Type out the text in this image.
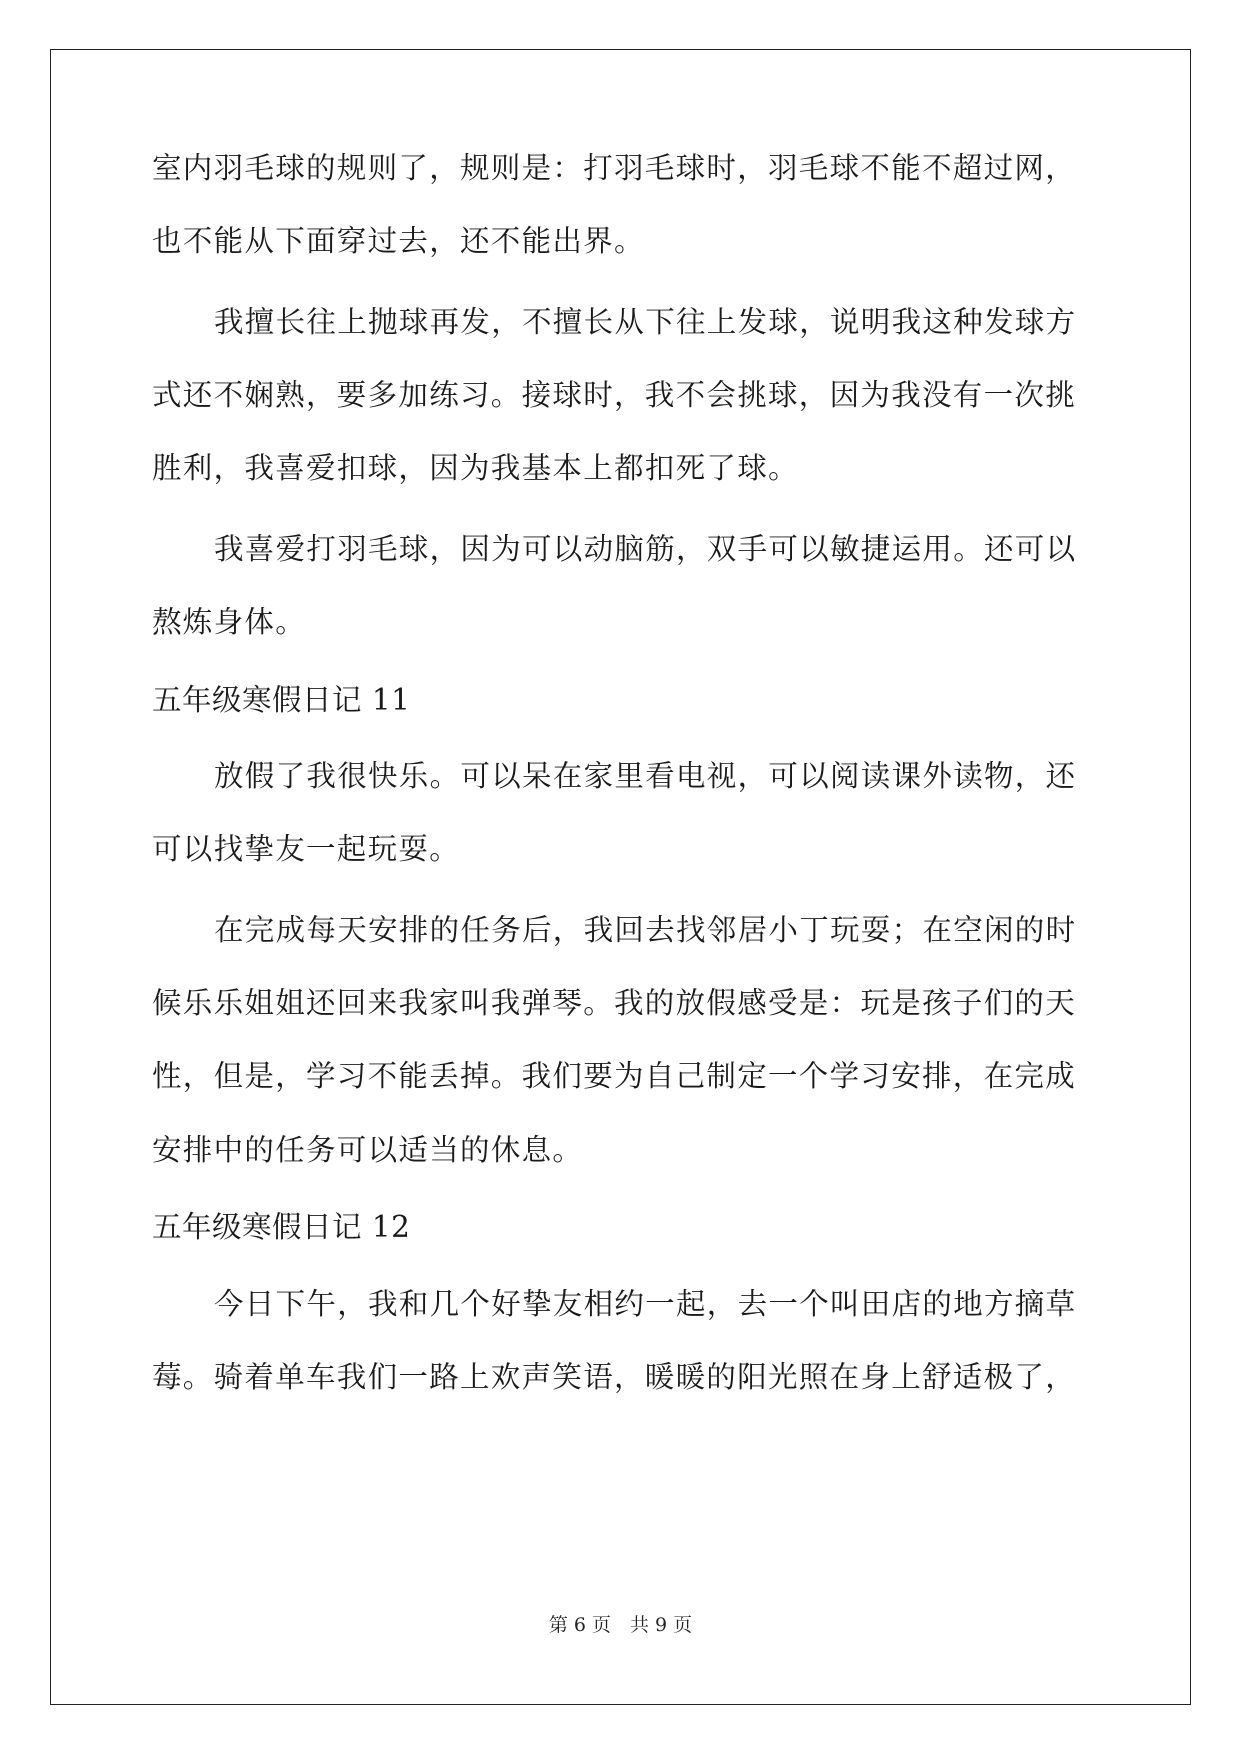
室内羽毛球的规则了，规则是：打羽毛球时，羽毛球不能不超过网，
也不能从下面穿过去，还不能出界。
我擅长往上抛球再发，不擅长从下往上发球，说明我这种发球方
式还不娴熟，要多加练习。接球时，我不会挑球，因为我没有一次挑
胜利，我喜爱扣球，因为我基本上都扣死了球。
我喜爱打羽毛球，因为可以动脑筋，双手可以敏捷运用。还可以
熬炼身体。
五年级寒假日记 11
放假了我很快乐。可以呆在家里看电视，可以阅读课外读物，还
可以找挚友一起玩耍。
在完成每天安排的任务后，我回去找邻居小丁玩耍；在空闲的时
候乐乐姐姐还回来我家叫我弹琴。我的放假感受是：玩是孩子们的天
性，但是，学习不能丢掉。我们要为自己制定一个学习安排，在完成
安排中的任务可以适当的休息。
五年级寒假日记 12
今日下午，我和几个好挚友相约一起，去一个叫田店的地方摘草
莓。骑着单车我们一路上欢声笑语，暖暖的阳光照在身上舒适极了，
第 6 页　共 9 页
